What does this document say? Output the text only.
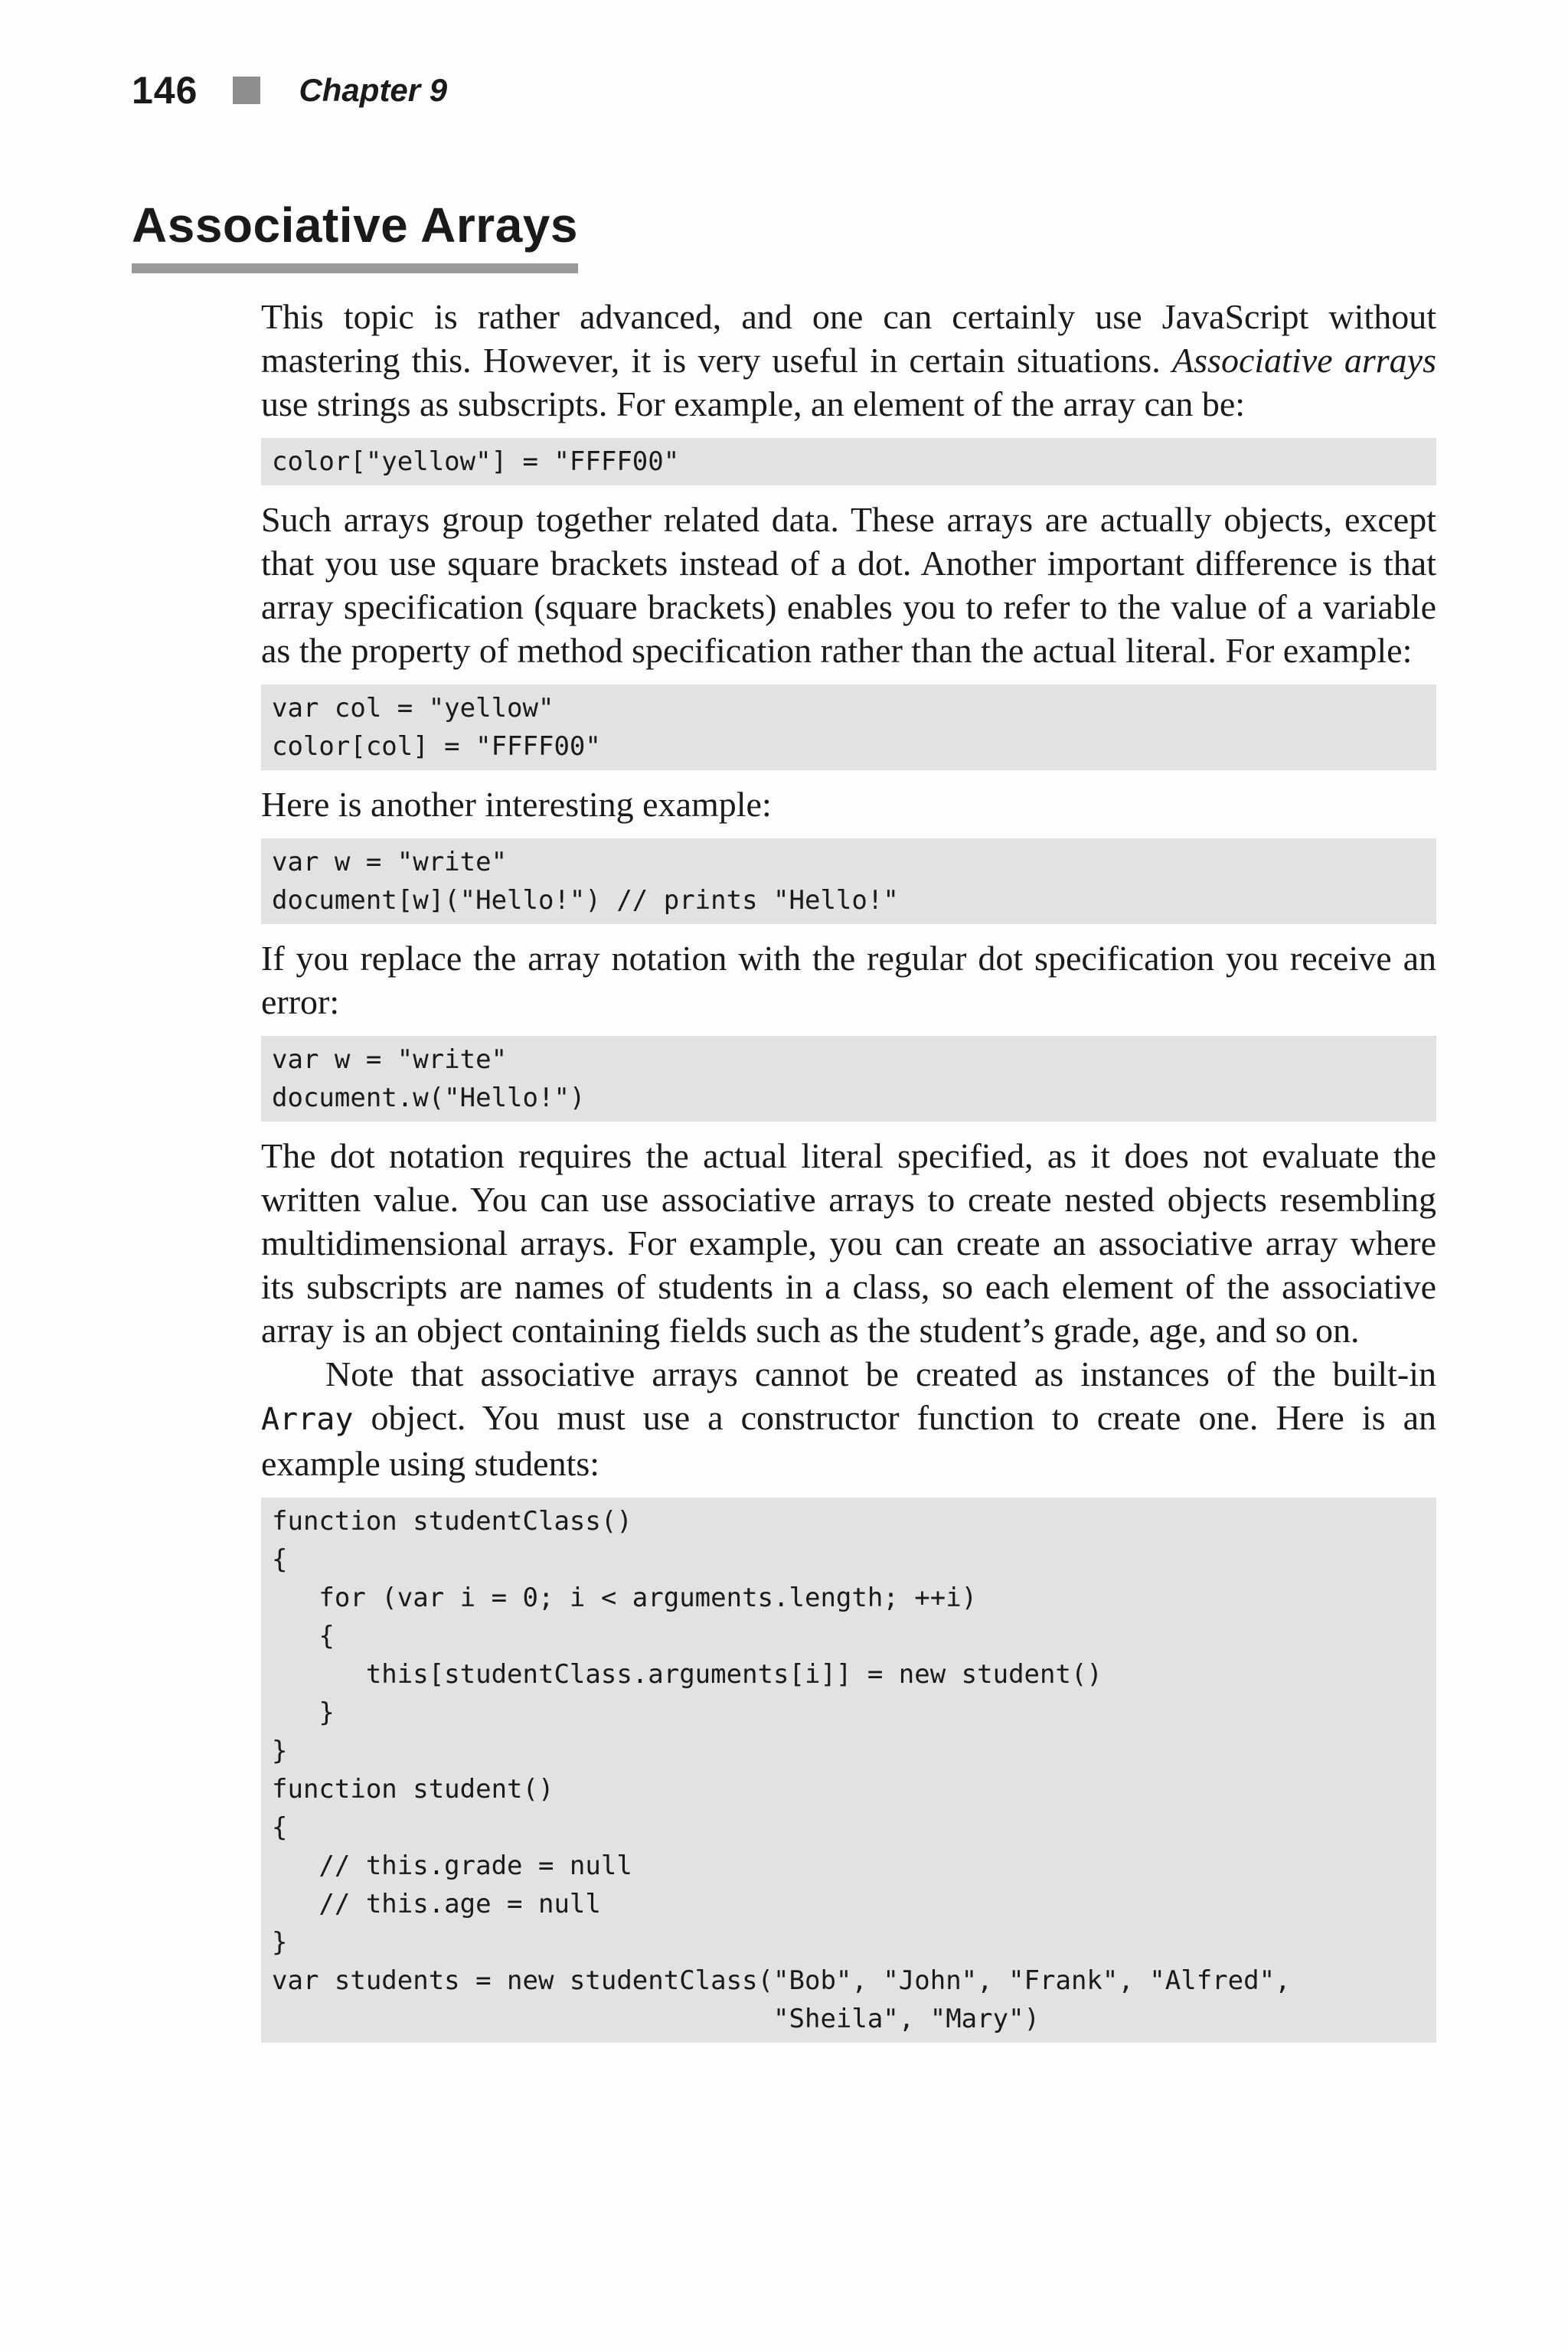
146	Chapter 9
Associative Arrays

This topic is rather advanced, and one can certainly use JavaScript without mastering this. However, it is very useful in certain situations. Associative arrays use strings as subscripts. For example, an element of the array can be:

color["yellow"] = "FFFF00"

Such arrays group together related data. These arrays are actually objects, except that you use square brackets instead of a dot. Another important difference is that array specification (square brackets) enables you to refer to the value of a variable as the property of method specification rather than the actual literal. For example:

var col = "yellow"
color[col] = "FFFF00"

Here is another interesting example:

var w = "write"
document[w]("Hello!") // prints "Hello!"

If you replace the array notation with the regular dot specification you receive an error:

var w = "write"
document.w("Hello!")

The dot notation requires the actual literal specified, as it does not evaluate the written value. You can use associative arrays to create nested objects resembling multidimensional arrays. For example, you can create an associative array where its subscripts are names of students in a class, so each element of the associative array is an object containing fields such as the student’s grade, age, and so on.

Note that associative arrays cannot be created as instances of the built-in Array object. You must use a constructor function to create one. Here is an example using students:

function studentClass()
{
for (var i = 0; i < arguments.length; ++i)
{
this[studentClass.arguments[i]] = new student()
}
}
function student()
{
// this.grade = null
// this.age = null
}
var students = new studentClass("Bob", "John", "Frank", "Alfred",
"Sheila", "Mary")
